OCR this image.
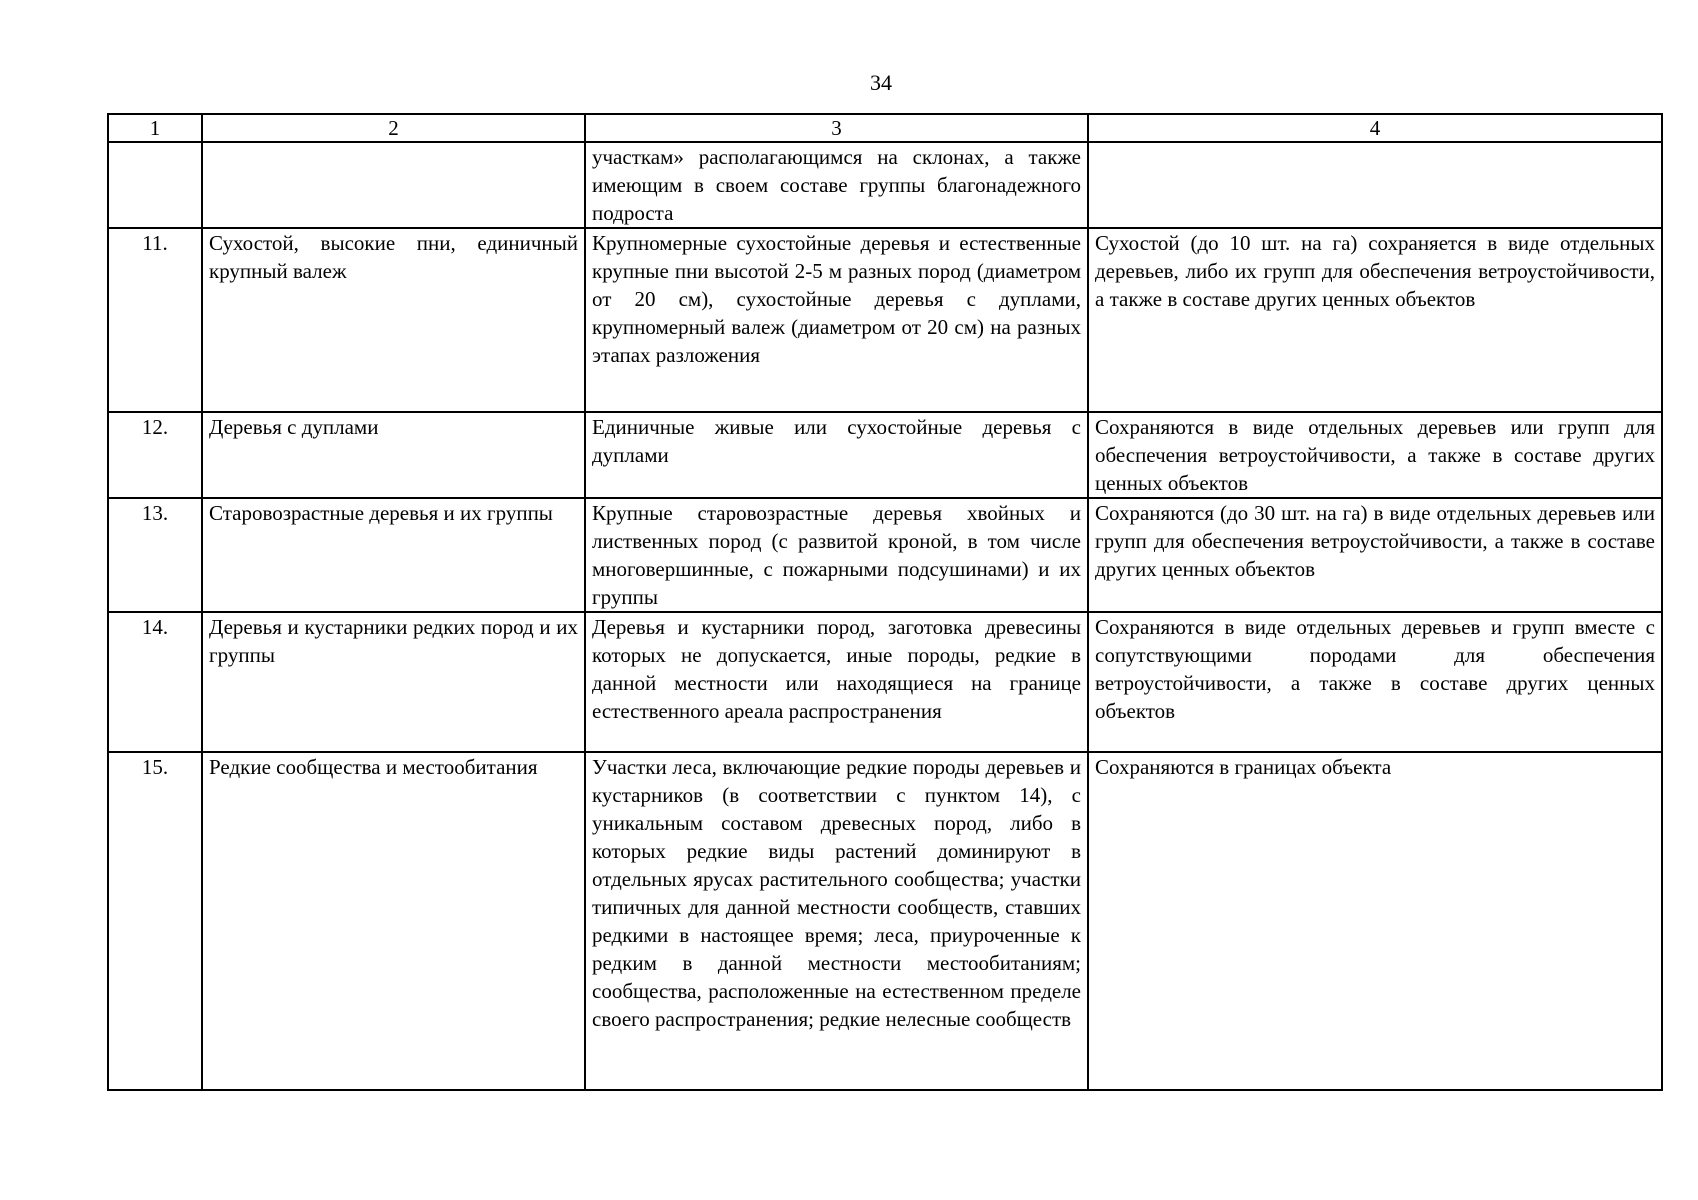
34
1	2	3	4
		участкам» располагающимся на склонах, а также имеющим в своем составе группы благонадежного подроста	
11.	Сухостой, высокие пни, единичный крупный валеж	Крупномерные сухостойные деревья и естественные крупные пни высотой 2-5 м разных пород (диаметром от 20 см), сухостойные деревья с дуплами, крупномерный валеж (диаметром от 20 см) на разных этапах разложения	Сухостой (до 10 шт. на га) сохраняется в виде отдельных деревьев, либо их групп для обеспечения ветроустойчивости, а также в составе других ценных объектов
12.	Деревья с дуплами	Единичные живые или сухостойные деревья с дуплами	Сохраняются в виде отдельных деревьев или групп для обеспечения ветроустойчивости, а также в составе других ценных объектов
13.	Старовозрастные деревья и их группы	Крупные старовозрастные деревья хвойных и лиственных пород (с развитой кроной, в том числе многовершинные, с пожарными подсушинами) и их группы	Сохраняются (до 30 шт. на га) в виде отдельных деревьев или групп для обеспечения ветроустойчивости, а также в составе других ценных объектов
14.	Деревья и кустарники редких пород и их группы	Деревья и кустарники пород, заготовка древесины которых не допускается, иные породы, редкие в данной местности или находящиеся на границе естественного ареала распространения	Сохраняются в виде отдельных деревьев и групп вместе с сопутствующими породами для обеспечения ветроустойчивости, а также в составе других ценных объектов
15.	Редкие сообщества и местообитания	Участки леса, включающие редкие породы деревьев и кустарников (в соответствии с пунктом 14), с уникальным составом древесных пород, либо в которых редкие виды растений доминируют в отдельных ярусах растительного сообщества; участки типичных для данной местности сообществ, ставших редкими в настоящее время; леса, приуроченные к редким в данной местности местообитаниям; сообщества, расположенные на естественном пределе своего распространения; редкие нелесные сообществ	Сохраняются в границах объекта
